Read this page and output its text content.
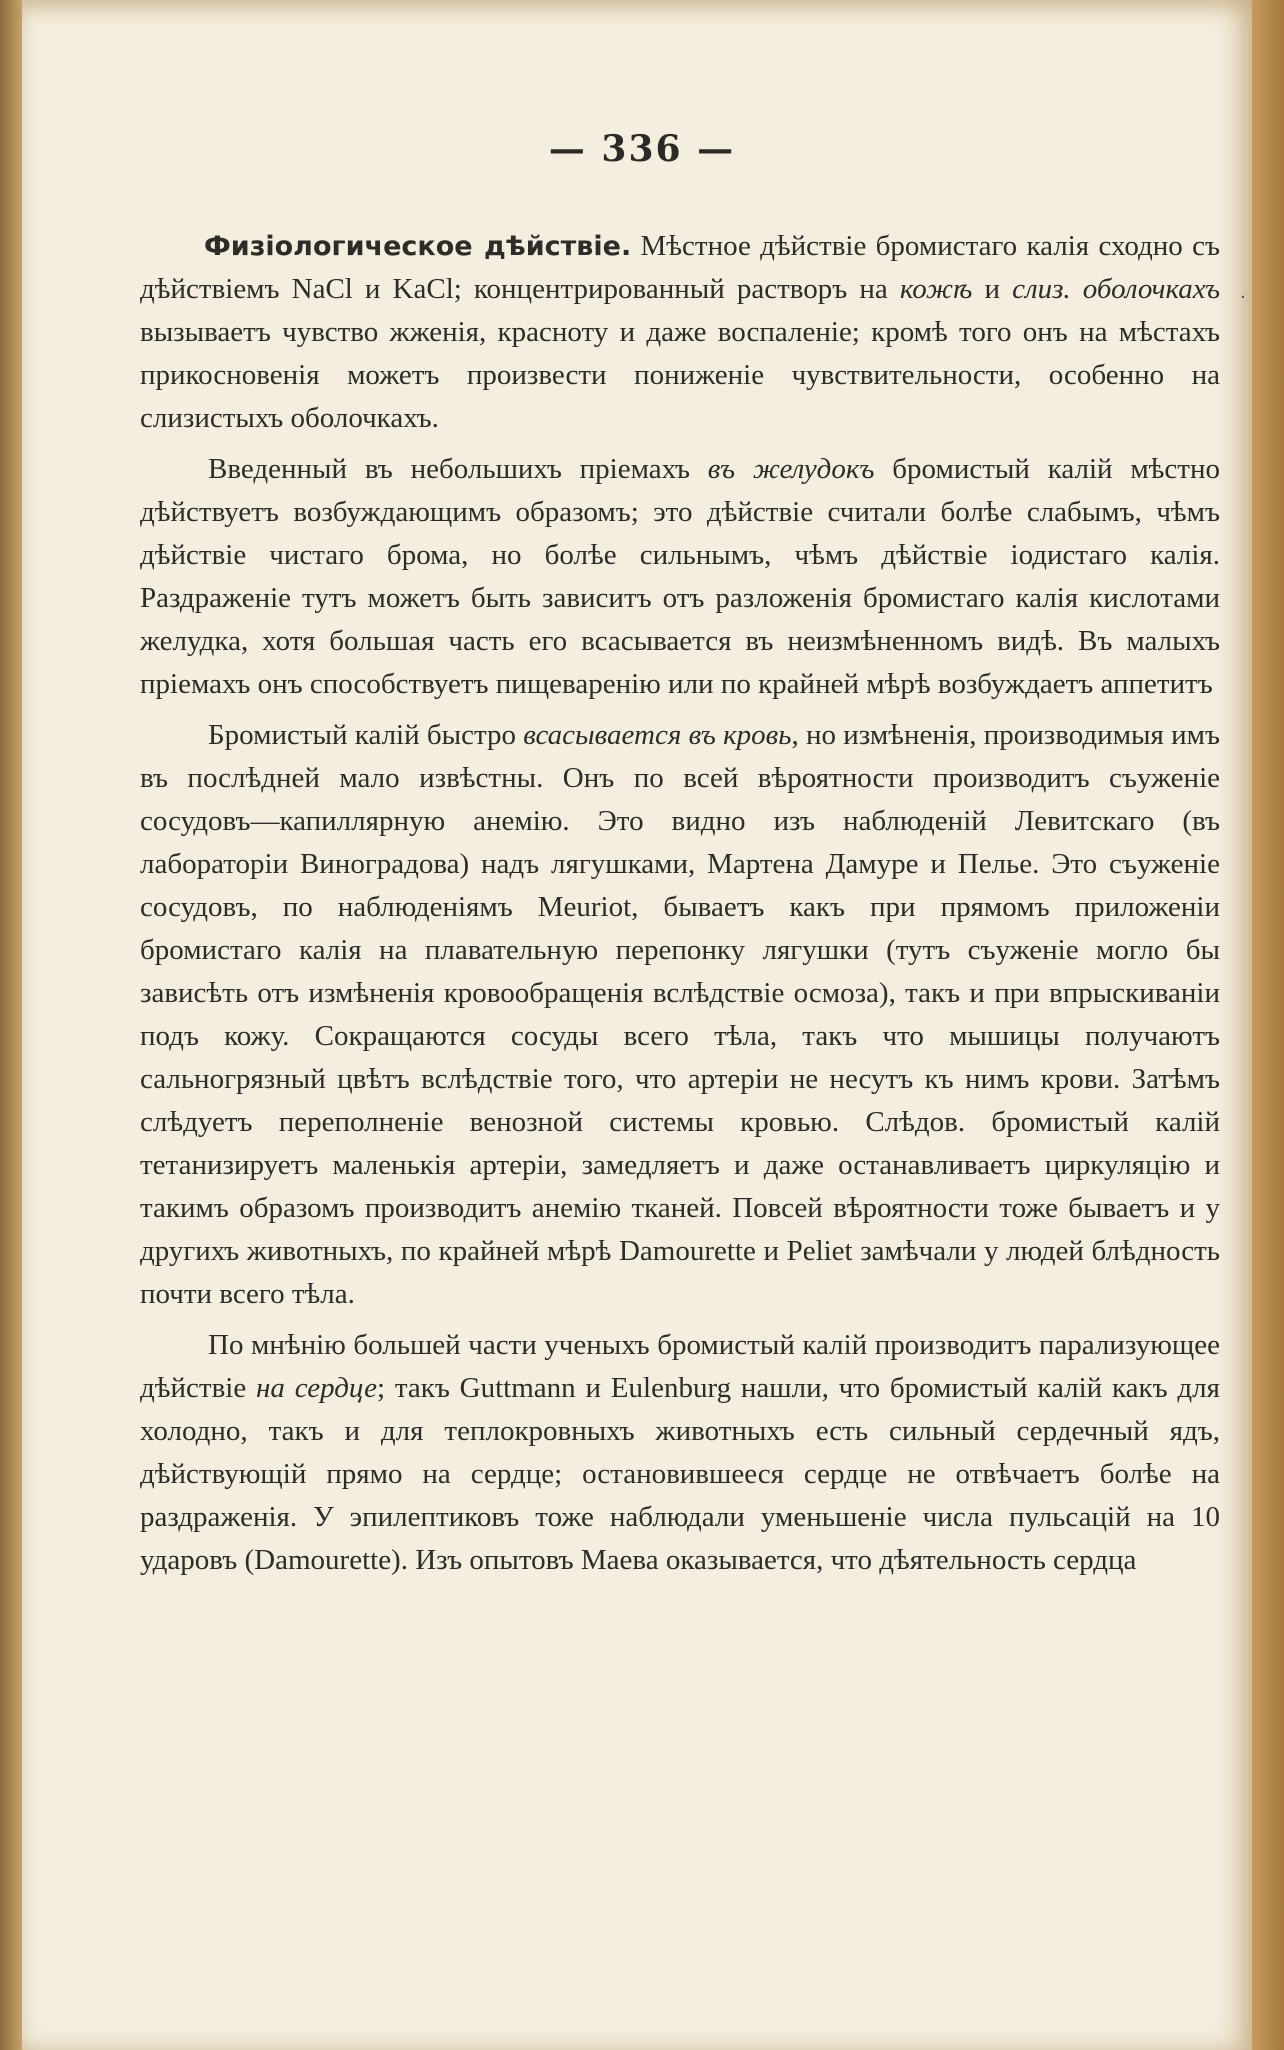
— 336 —
·

Физіологическое дѣйствіе. Мѣстное дѣйствіе бромистаго калія сходно съ дѣйствіемъ NaCl и KaCl; концентрированный растворъ на кожѣ и слиз. оболочкахъ вызываетъ чувство жженія, красноту и даже воспаленіе; кромѣ того онъ на мѣстахъ прикосновенія можетъ произвести пониженіе чувствительности, особенно на слизистыхъ оболочкахъ.

Введенный въ небольшихъ пріемахъ въ желудокъ бромистый калій мѣстно дѣйствуетъ возбуждающимъ образомъ; это дѣйствіе считали болѣе слабымъ, чѣмъ дѣйствіе чистаго брома, но болѣе сильнымъ, чѣмъ дѣйствіе іодистаго калія. Раздраженіе тутъ можетъ быть зависитъ отъ разложенія бромистаго калія кислотами желудка, хотя большая часть его всасывается въ неизмѣненномъ видѣ. Въ малыхъ пріемахъ онъ способствуетъ пищеваренію или по крайней мѣрѣ возбуждаетъ аппетитъ

Бромистый калій быстро всасывается въ кровь, но измѣненія, производимыя имъ въ послѣдней мало извѣстны. Онъ по всей вѣроятности производитъ съуженіе сосудовъ—капиллярную анемію. Это видно изъ наблюденій Левитскаго (въ лабораторіи Виноградова) надъ лягушками, Мартена Дамуре и Пелье. Это съуженіе сосудовъ, по наблюденіямъ Meuriot, бываетъ какъ при прямомъ приложеніи бромистаго калія на плавательную перепонку лягушки (тутъ съуженіе могло бы зависѣть отъ измѣненія кровообращенія вслѣдствіе осмоза), такъ и при впрыскиваніи подъ кожу. Сокращаются сосуды всего тѣла, такъ что мышицы получаютъ сальногрязный цвѣтъ вслѣдствіе того, что артеріи не несутъ къ нимъ крови. Затѣмъ слѣдуетъ переполненіе венозной системы кровью. Слѣдов. бромистый калій тетанизируетъ маленькія артеріи, замедляетъ и даже останавливаетъ циркуляцію и такимъ образомъ производитъ анемію тканей. Повсей вѣроятности тоже бываетъ и у другихъ животныхъ, по крайней мѣрѣ Damourette и Peliet замѣчали у людей блѣдность почти всего тѣла.

По мнѣнію большей части ученыхъ бромистый калій производитъ парализующее дѣйствіе на сердце; такъ Guttmann и Eulenburg нашли, что бромистый калій какъ для холодно, такъ и для теплокровныхъ животныхъ есть сильный сердечный ядъ, дѣйствующій прямо на сердце; остановившееся сердце не отвѣчаетъ болѣе на раздраженія. У эпилептиковъ тоже наблюдали уменьшеніе числа пульсацій на 10 ударовъ (Damourette). Изъ опытовъ Маева оказывается, что дѣятельность сердца
